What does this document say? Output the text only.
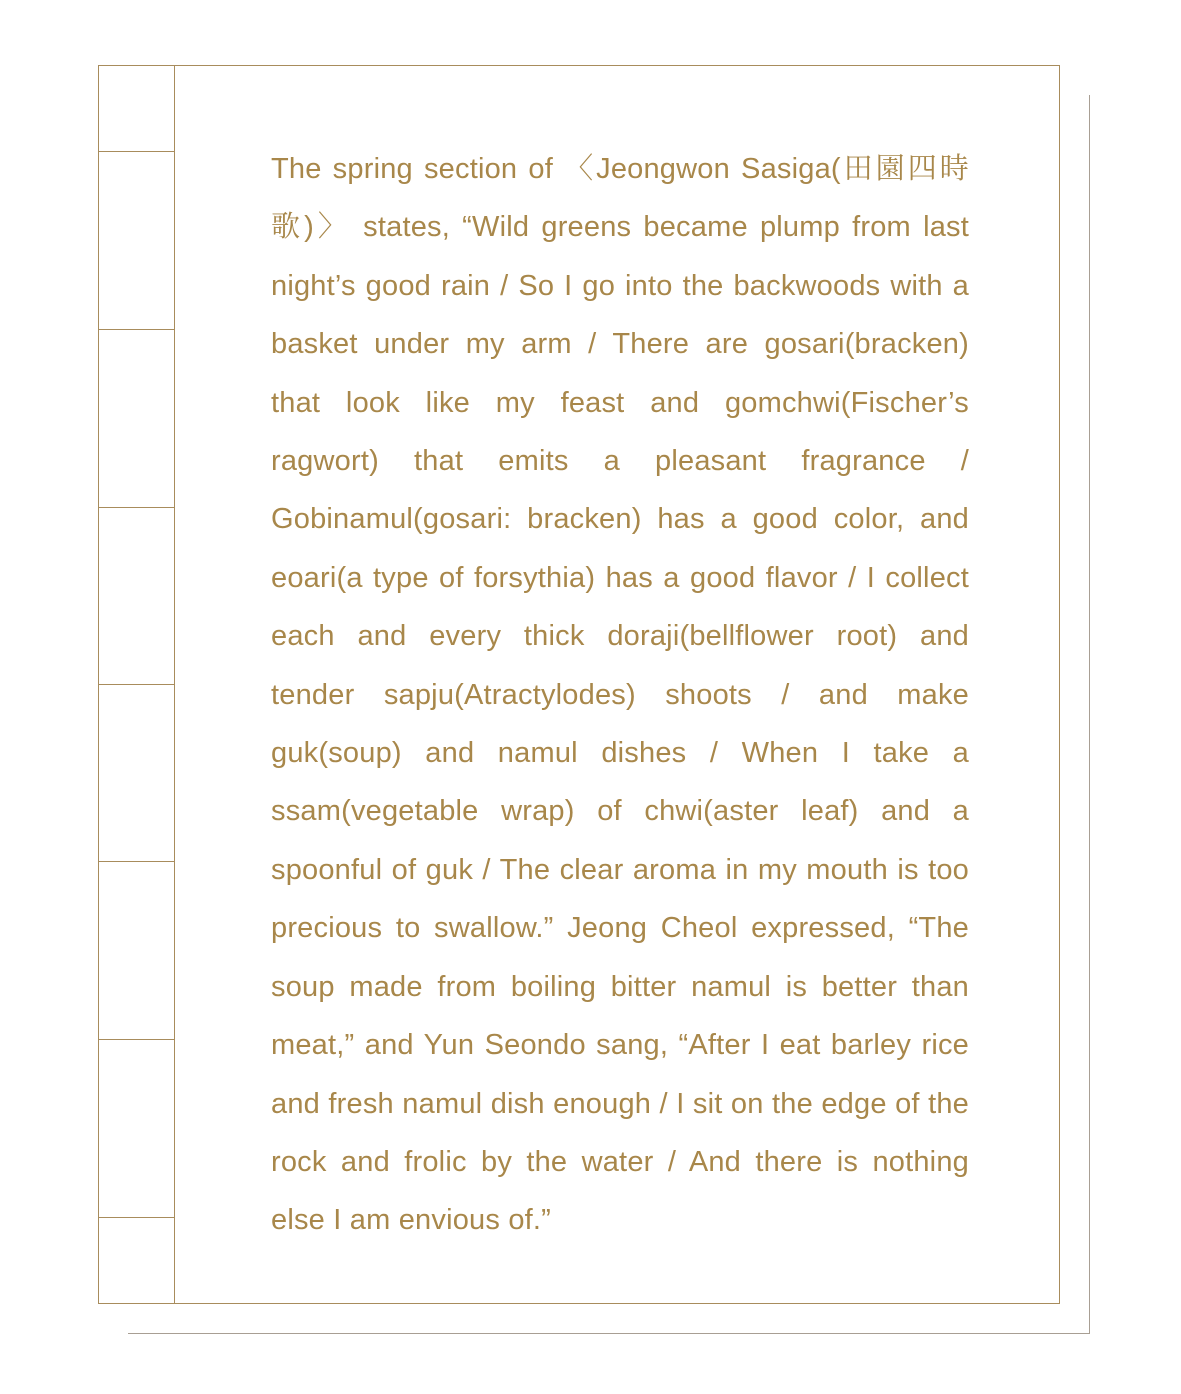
The spring section of 〈Jeongwon Sasiga(田園四時歌)〉 states, “Wild greens became plump from last night’s good rain / So I go into the backwoods with a basket under my arm / There are gosari(bracken) that look like my feast and gomchwi(Fischer’s ragwort) that emits a pleasant fragrance / Gobinamul(gosari: bracken) has a good color, and eoari(a type of forsythia) has a good flavor / I collect each and every thick doraji(bellflower root) and tender sapju(Atractylodes) shoots / and make guk(soup) and namul dishes / When I take a ssam(vegetable wrap) of chwi(aster leaf) and a spoonful of guk / The clear aroma in my mouth is too precious to swallow.” Jeong Cheol expressed, “The soup made from boiling bitter namul is better than meat,” and Yun Seondo sang, “After I eat barley rice and fresh namul dish enough / I sit on the edge of the rock and frolic by the water / And there is nothing else I am envious of.”
